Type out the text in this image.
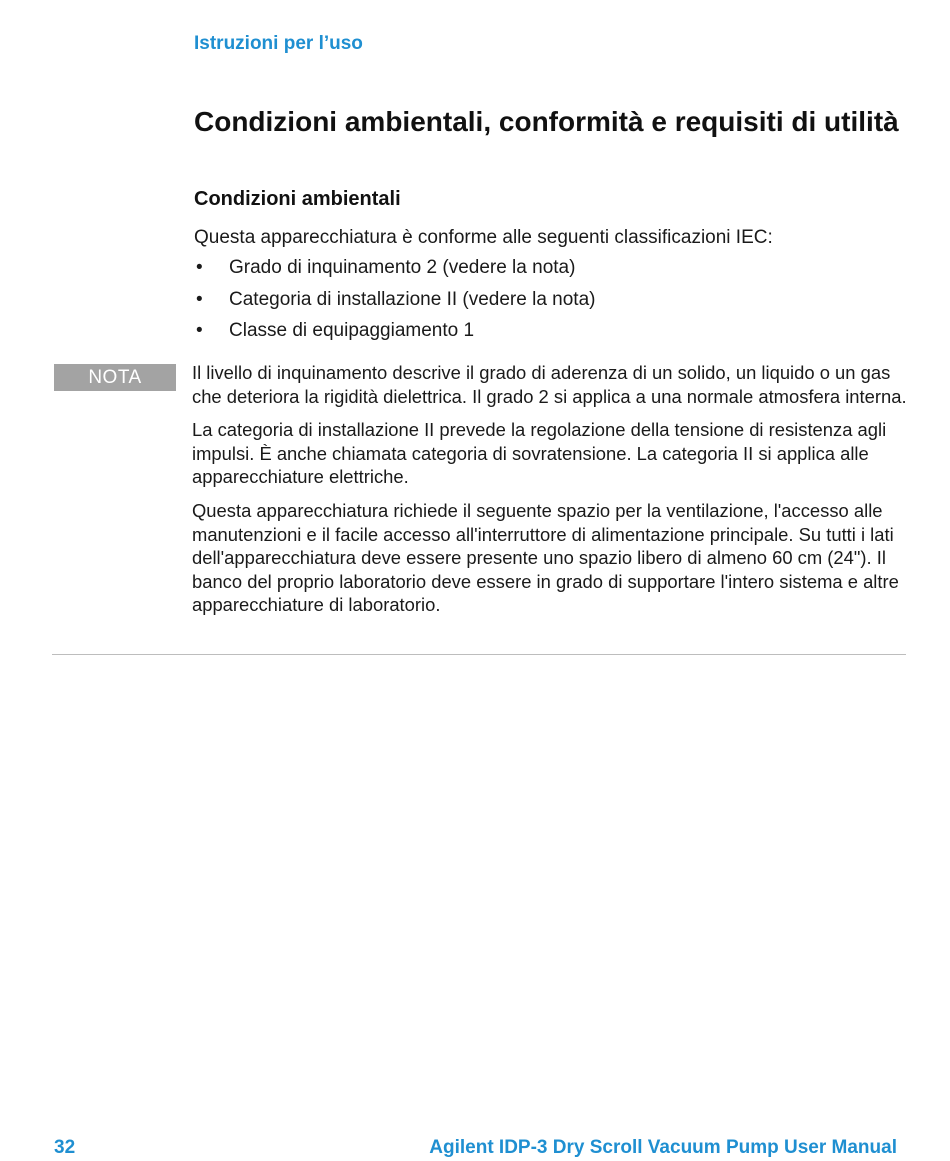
Istruzioni per l’uso
Condizioni ambientali, conformità e requisiti di utilità
Condizioni ambientali
Questa apparecchiatura è conforme alle seguenti classificazioni IEC:
• Grado di inquinamento 2 (vedere la nota)
• Categoria di installazione II (vedere la nota)
• Classe di equipaggiamento 1
NOTA	Il livello di inquinamento descrive il grado di aderenza di un solido, un liquido o un gas che deteriora la rigidità dielettrica. Il grado 2 si applica a una normale atmosfera interna.

La categoria di installazione II prevede la regolazione della tensione di resistenza agli impulsi. È anche chiamata categoria di sovratensione. La categoria II si applica alle apparecchiature elettriche.

Questa apparecchiatura richiede il seguente spazio per la ventilazione, l'accesso alle manutenzioni e il facile accesso all'interruttore di alimentazione principale. Su tutti i lati dell'apparecchiatura deve essere presente uno spazio libero di almeno 60 cm (24"). Il banco del proprio laboratorio deve essere in grado di supportare l'intero sistema e altre apparecchiature di laboratorio.

32	Agilent IDP-3 Dry Scroll Vacuum Pump User Manual
